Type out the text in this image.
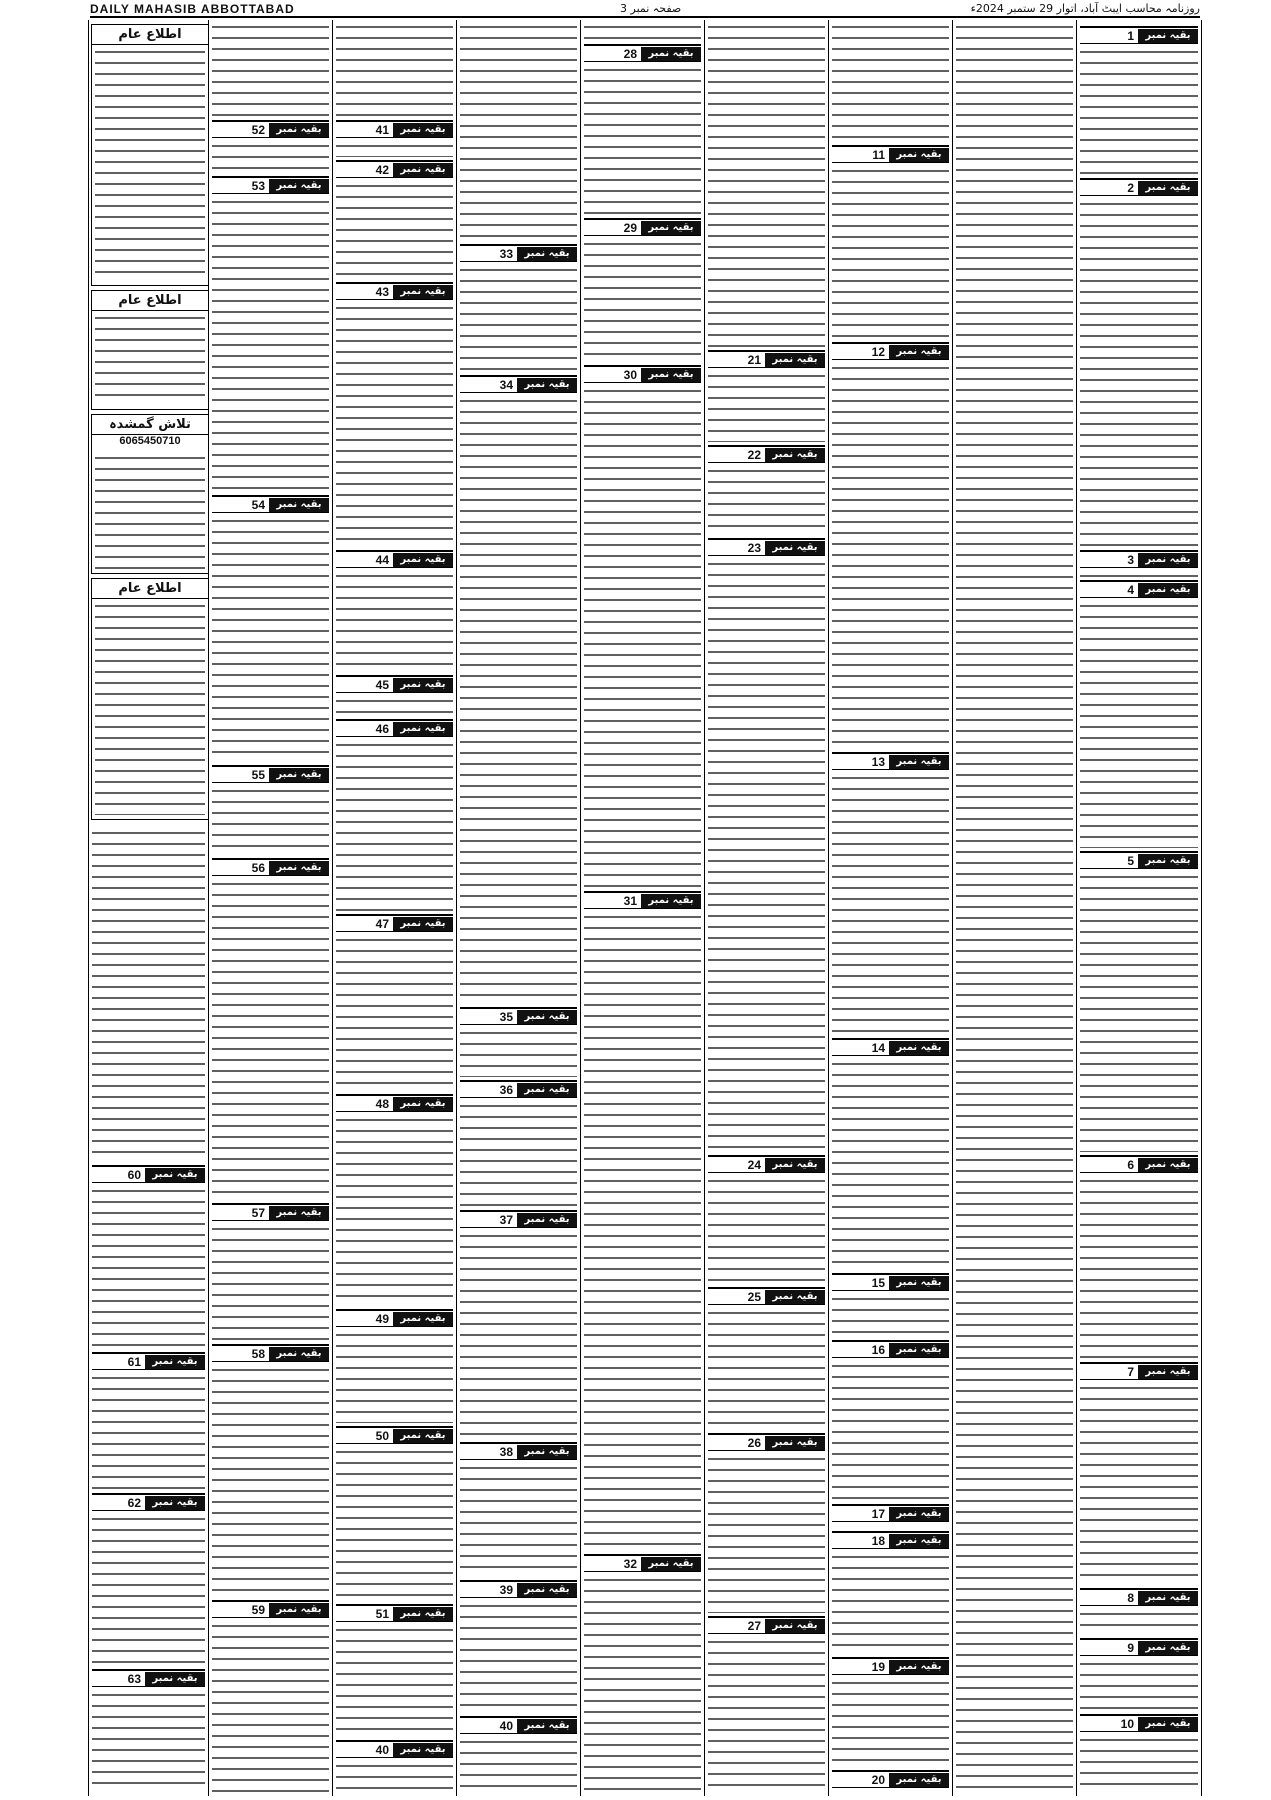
DAILY MAHASIB ABBOTTABAD	صفحہ نمبر 3	روزنامہ محاسب ایبٹ آباد، اتوار 29 ستمبر 2024ء
اطلاع عام
اطلاع عام
تلاش گمشدہ
6065450710
اطلاع عام
بقیہ نمبر
60
بقیہ نمبر
61
بقیہ نمبر
62
بقیہ نمبر
63
بقیہ نمبر
52
بقیہ نمبر
53
بقیہ نمبر
54
بقیہ نمبر
55
بقیہ نمبر
56
بقیہ نمبر
57
بقیہ نمبر
58
بقیہ نمبر
59
بقیہ نمبر
41
بقیہ نمبر
42
بقیہ نمبر
43
بقیہ نمبر
44
بقیہ نمبر
45
بقیہ نمبر
46
بقیہ نمبر
47
بقیہ نمبر
48
بقیہ نمبر
49
بقیہ نمبر
50
بقیہ نمبر
51
بقیہ نمبر
40
بقیہ نمبر
33
بقیہ نمبر
34
بقیہ نمبر
35
بقیہ نمبر
36
بقیہ نمبر
37
بقیہ نمبر
38
بقیہ نمبر
39
بقیہ نمبر
40
بقیہ نمبر
28
بقیہ نمبر
29
بقیہ نمبر
30
بقیہ نمبر
31
بقیہ نمبر
32
بقیہ نمبر
21
بقیہ نمبر
22
بقیہ نمبر
23
بقیہ نمبر
24
بقیہ نمبر
25
بقیہ نمبر
26
بقیہ نمبر
27
بقیہ نمبر
11
بقیہ نمبر
12
بقیہ نمبر
13
بقیہ نمبر
14
بقیہ نمبر
15
بقیہ نمبر
16
بقیہ نمبر
17
بقیہ نمبر
18
بقیہ نمبر
19
بقیہ نمبر
20
بقیہ نمبر
1
بقیہ نمبر
2
بقیہ نمبر
3
بقیہ نمبر
4
بقیہ نمبر
5
بقیہ نمبر
6
بقیہ نمبر
7
بقیہ نمبر
8
بقیہ نمبر
9
بقیہ نمبر
10
